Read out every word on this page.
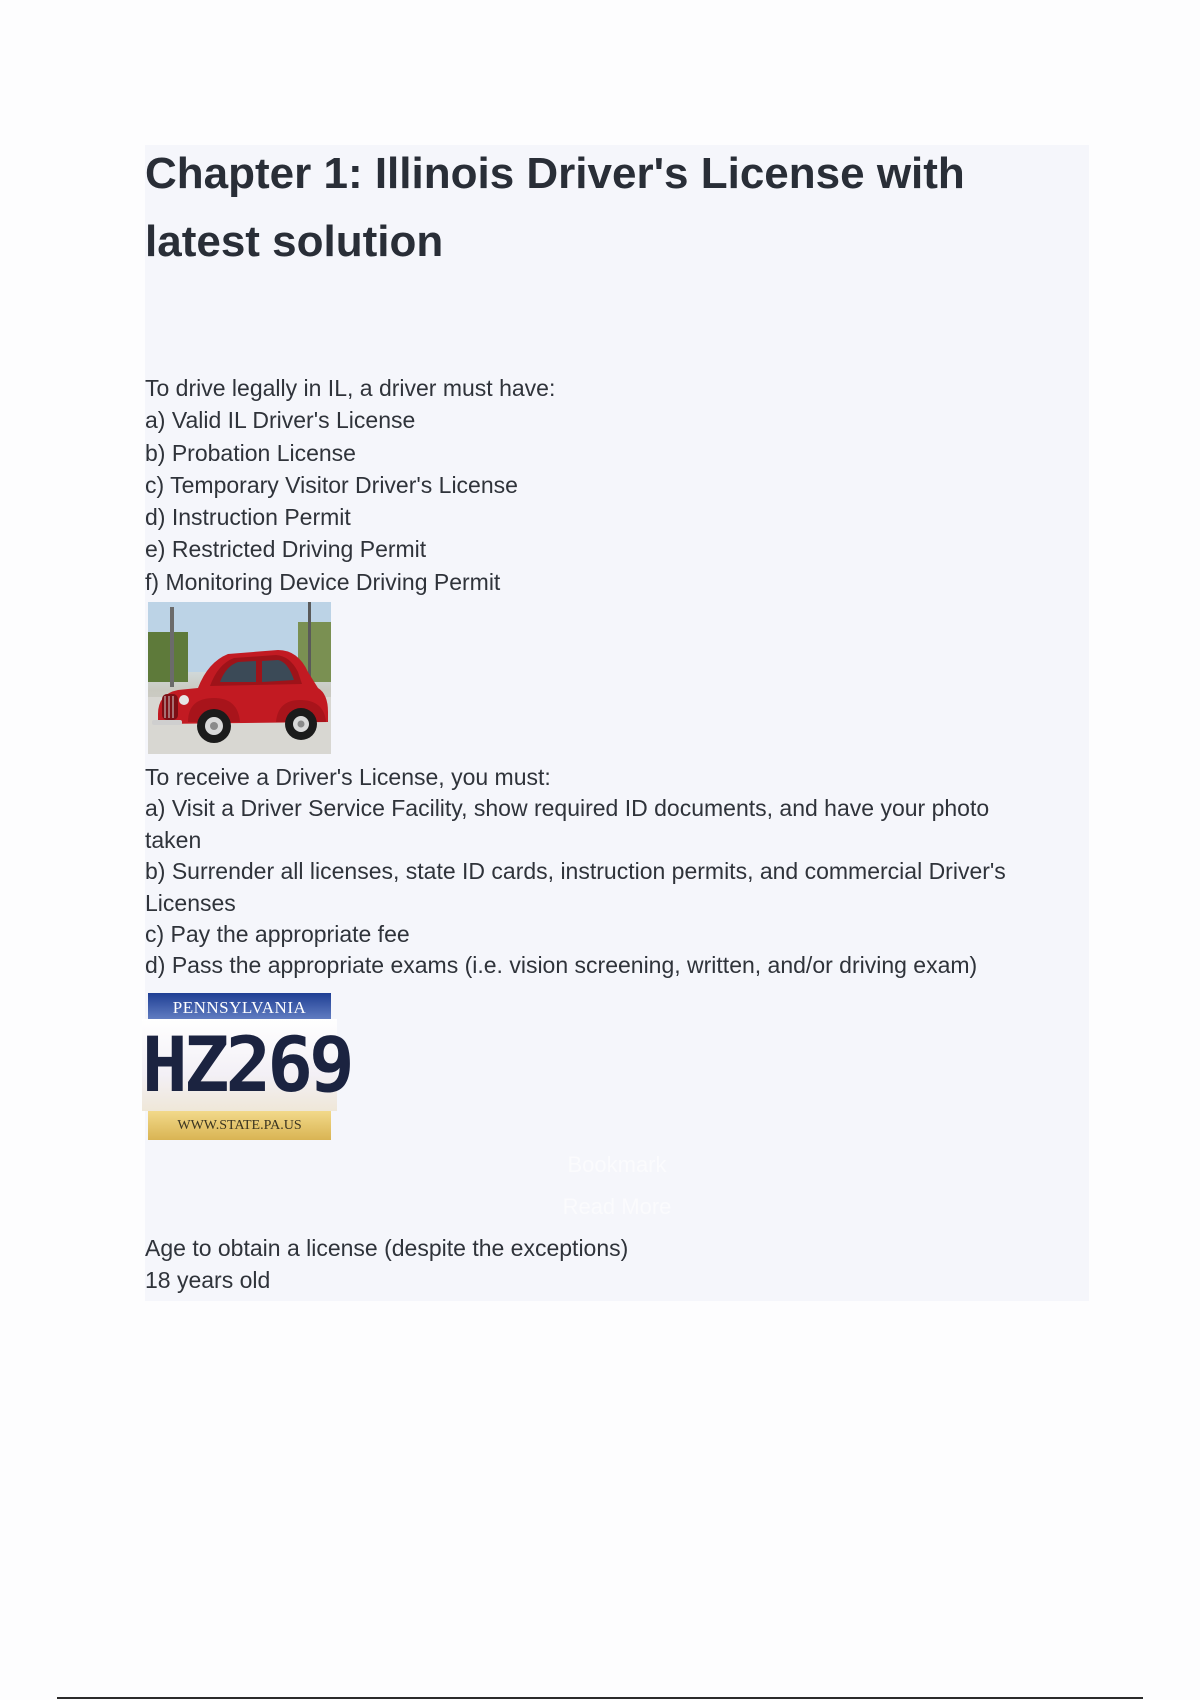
Chapter 1: Illinois Driver's License with latest solution
To drive legally in IL, a driver must have:
a) Valid IL Driver's License
b) Probation License
c) Temporary Visitor Driver's License
d) Instruction Permit
e) Restricted Driving Permit
f) Monitoring Device Driving Permit
To receive a Driver's License, you must:
a) Visit a Driver Service Facility, show required ID documents, and have your photo
taken
b) Surrender all licenses, state ID cards, instruction permits, and commercial Driver's
Licenses
c) Pay the appropriate fee
d) Pass the appropriate exams (i.e. vision screening, written, and/or driving exam)
PENNSYLVANIA
HZ269
WWW.STATE.PA.US
Bookmark
Read More
Age to obtain a license (despite the exceptions)
18 years old
